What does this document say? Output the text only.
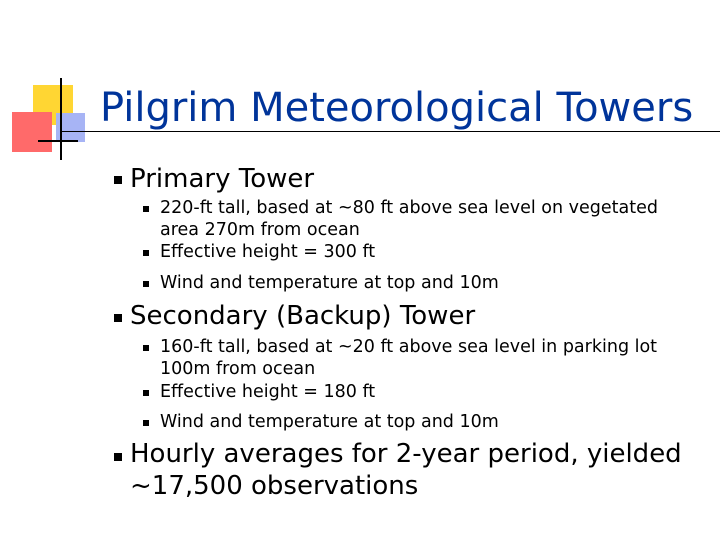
Pilgrim Meteorological Towers
Primary Tower
220-ft tall, based at ~80 ft above sea level on vegetated
area 270m from ocean
Effective height = 300 ft
Wind and temperature at top and 10m
Secondary (Backup) Tower
160-ft tall, based at ~20 ft above sea level in parking lot
100m from ocean
Effective height = 180 ft
Wind and temperature at top and 10m
Hourly averages for 2-year period, yielded
~17,500 observations
